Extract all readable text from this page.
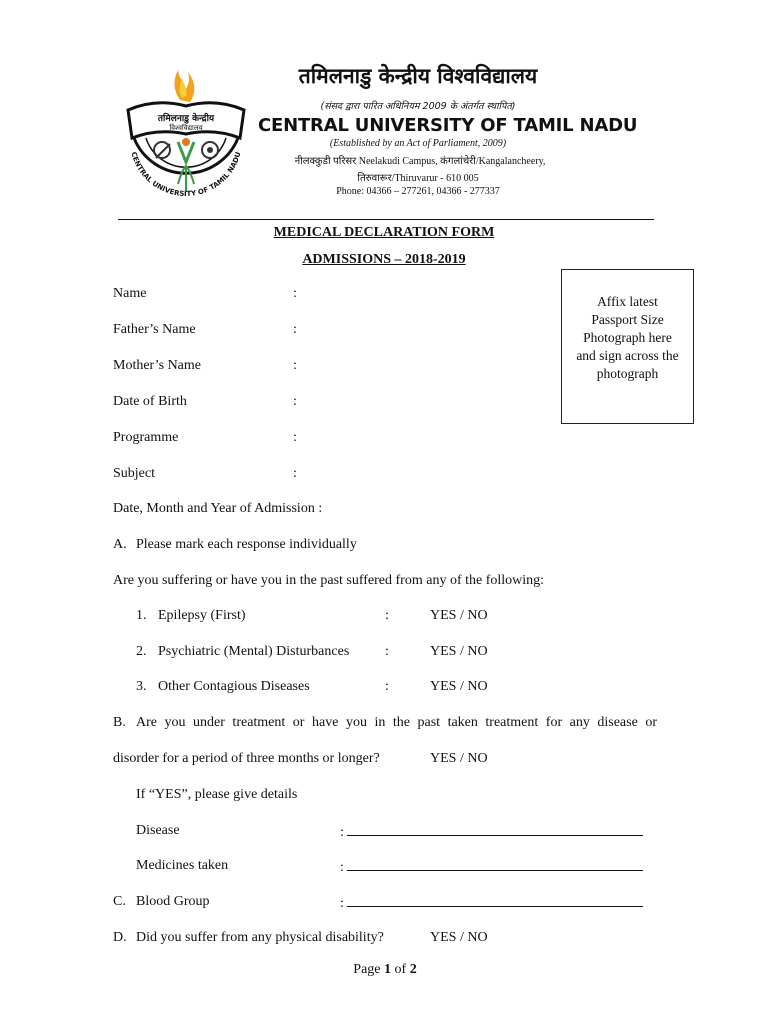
तमिलनाडु केन्द्रीय
विश्वविद्यालय
CENTRAL UNIVERSITY OF TAMIL NADU
तमिलनाडु केन्द्रीय विश्वविद्यालय
(संसद द्वारा पारित अधिनियम 2009 के अंतर्गत स्थापित)
CENTRAL UNIVERSITY OF TAMIL NADU
(Established by an Act of Parliament, 2009)
नीलक्कुडी परिसर Neelakudi Campus, कंगलांचेरी/Kangalancheery,
तिरुवारूर/Thiruvarur - 610 005
Phone: 04366 – 277261, 04366 - 277337
MEDICAL DECLARATION FORM
ADMISSIONS – 2018-2019
Affix latest
Passport Size
Photograph here
and sign across the
photograph
Name	:
Father’s Name	:
Mother’s Name	:
Date of Birth	:
Programme	:
Subject	:
Date, Month and Year of Admission :
A. Please mark each response individually
Are you suffering or have you in the past suffered from any of the following:
1. Epilepsy (First)	:	YES / NO
2. Psychiatric (Mental) Disturbances	:	YES / NO
3. Other Contagious Diseases	:	YES / NO
B. Are you under treatment or have you in the past taken treatment for any disease or
disorder for a period of three months or longer?	YES / NO
If “YES”, please give details
Disease	:
Medicines taken	:
C. Blood Group	:
D. Did you suffer from any physical disability?	YES / NO
Page 1 of 2
